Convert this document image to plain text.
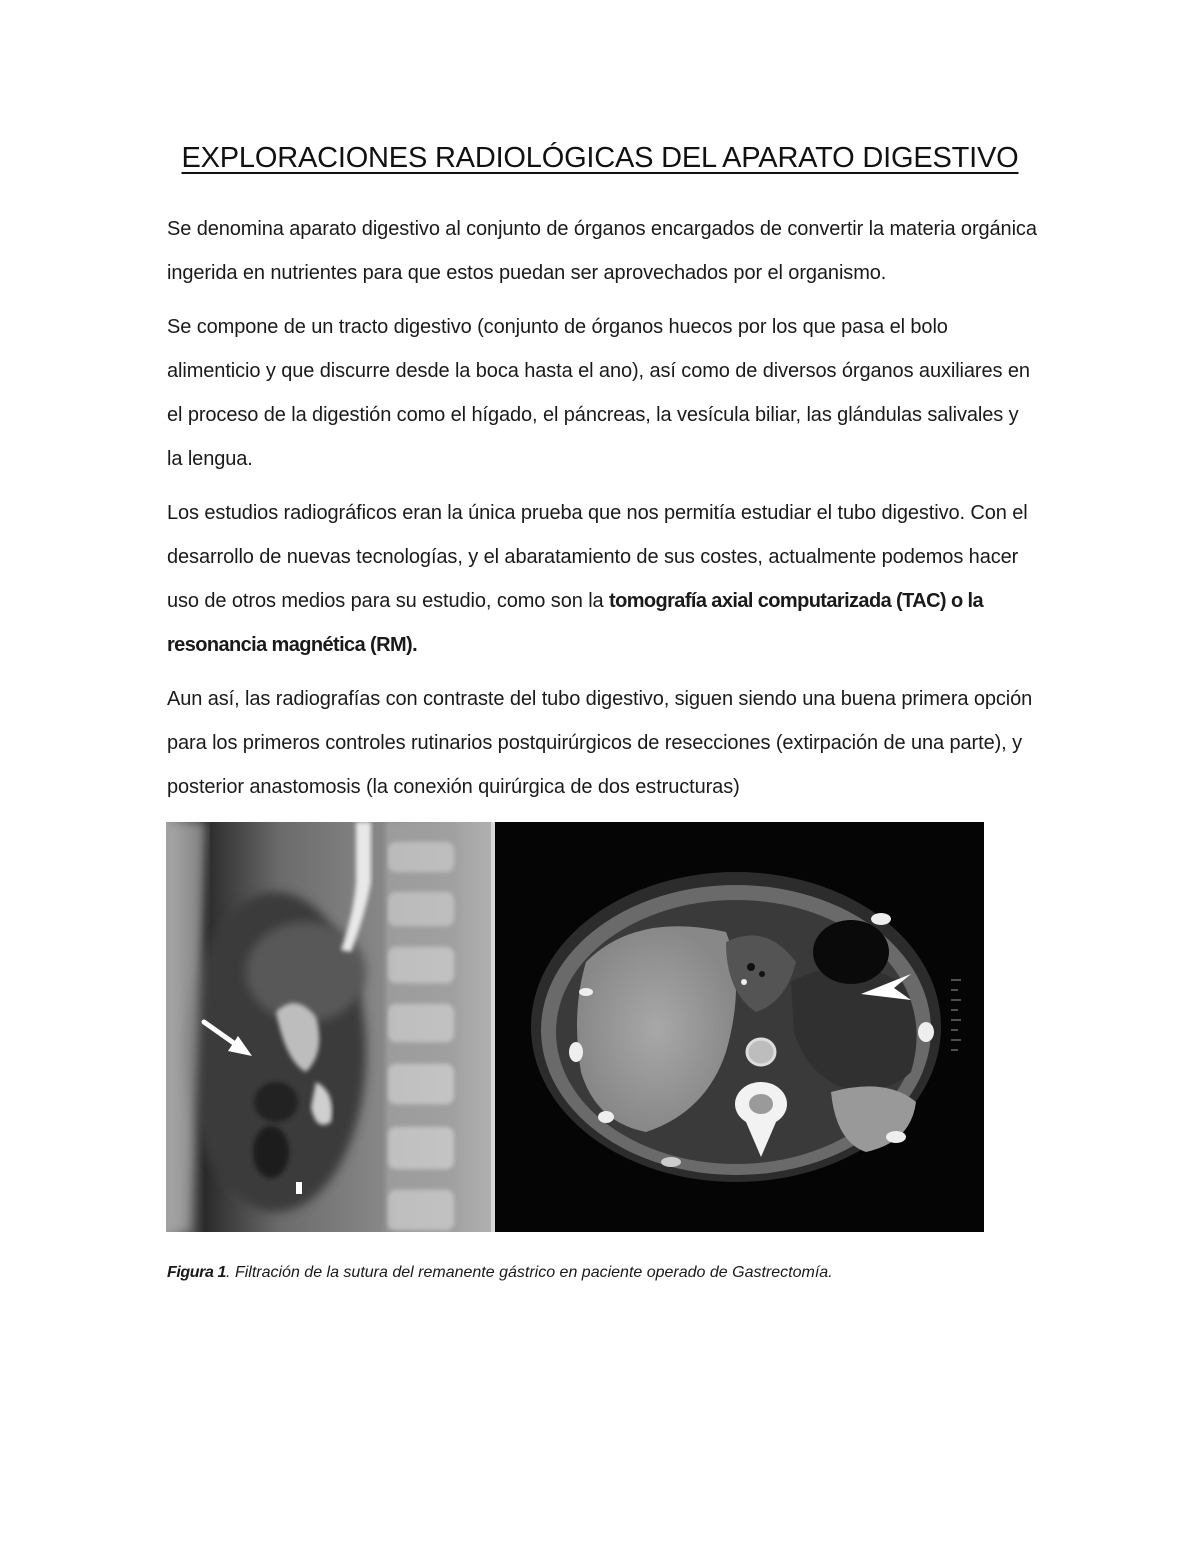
EXPLORACIONES RADIOLÓGICAS DEL APARATO DIGESTIVO

Se denomina aparato digestivo al conjunto de órganos encargados de convertir la materia orgánica ingerida en nutrientes para que estos puedan ser aprovechados por el organismo.

Se compone de un tracto digestivo (conjunto de órganos huecos por los que pasa el bolo alimenticio y que discurre desde la boca hasta el ano), así como de diversos órganos auxiliares en el proceso de la digestión como el hígado, el páncreas, la vesícula biliar, las glándulas salivales y la lengua.

Los estudios radiográficos eran la única prueba que nos permitía estudiar el tubo digestivo. Con el desarrollo de nuevas tecnologías, y el abaratamiento de sus costes, actualmente podemos hacer uso de otros medios para su estudio, como son la tomografía axial computarizada (TAC) o la resonancia magnética (RM).

Aun así, las radiografías con contraste del tubo digestivo, siguen siendo una buena primera opción para los primeros controles rutinarios postquirúrgicos de resecciones (extirpación de una parte), y posterior anastomosis (la conexión quirúrgica de dos estructuras)

Figura 1. Filtración de la sutura del remanente gástrico en paciente operado de Gastrectomía.
